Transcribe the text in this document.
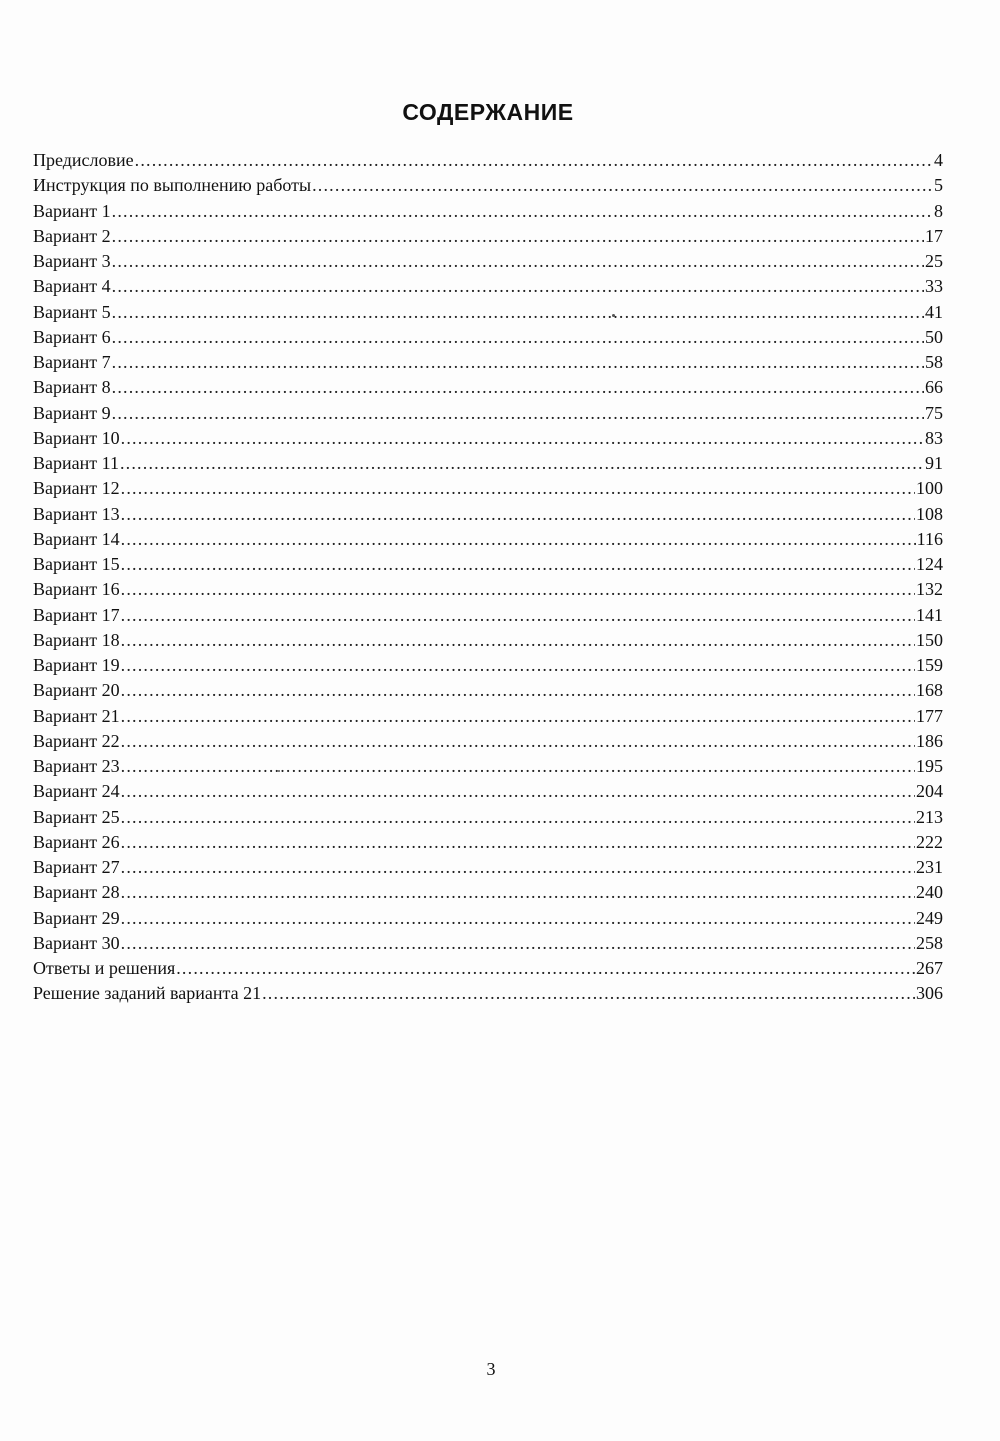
СОДЕРЖАНИЕ
Предисловие .....	4
Инструкция по выполнению работы .....	5
Вариант 1 .....	8
Вариант 2 .....	17
Вариант 3 .....	25
Вариант 4 .....	33
Вариант 5 .....	41
Вариант 6 .....	50
Вариант 7 .....	58
Вариант 8 .....	66
Вариант 9 .....	75
Вариант 10 .....	83
Вариант 11 .....	91
Вариант 12 .....	100
Вариант 13 .....	108
Вариант 14 .....	116
Вариант 15 .....	124
Вариант 16 .....	132
Вариант 17 .....	141
Вариант 18 .....	150
Вариант 19 .....	159
Вариант 20 .....	168
Вариант 21 .....	177
Вариант 22 .....	186
Вариант 23 .....	195
Вариант 24 .....	204
Вариант 25 .....	213
Вариант 26 .....	222
Вариант 27 .....	231
Вариант 28 .....	240
Вариант 29 .....	249
Вариант 30 .....	258
Ответы и решения .....	267
Решение заданий варианта 21 .....	306
3
